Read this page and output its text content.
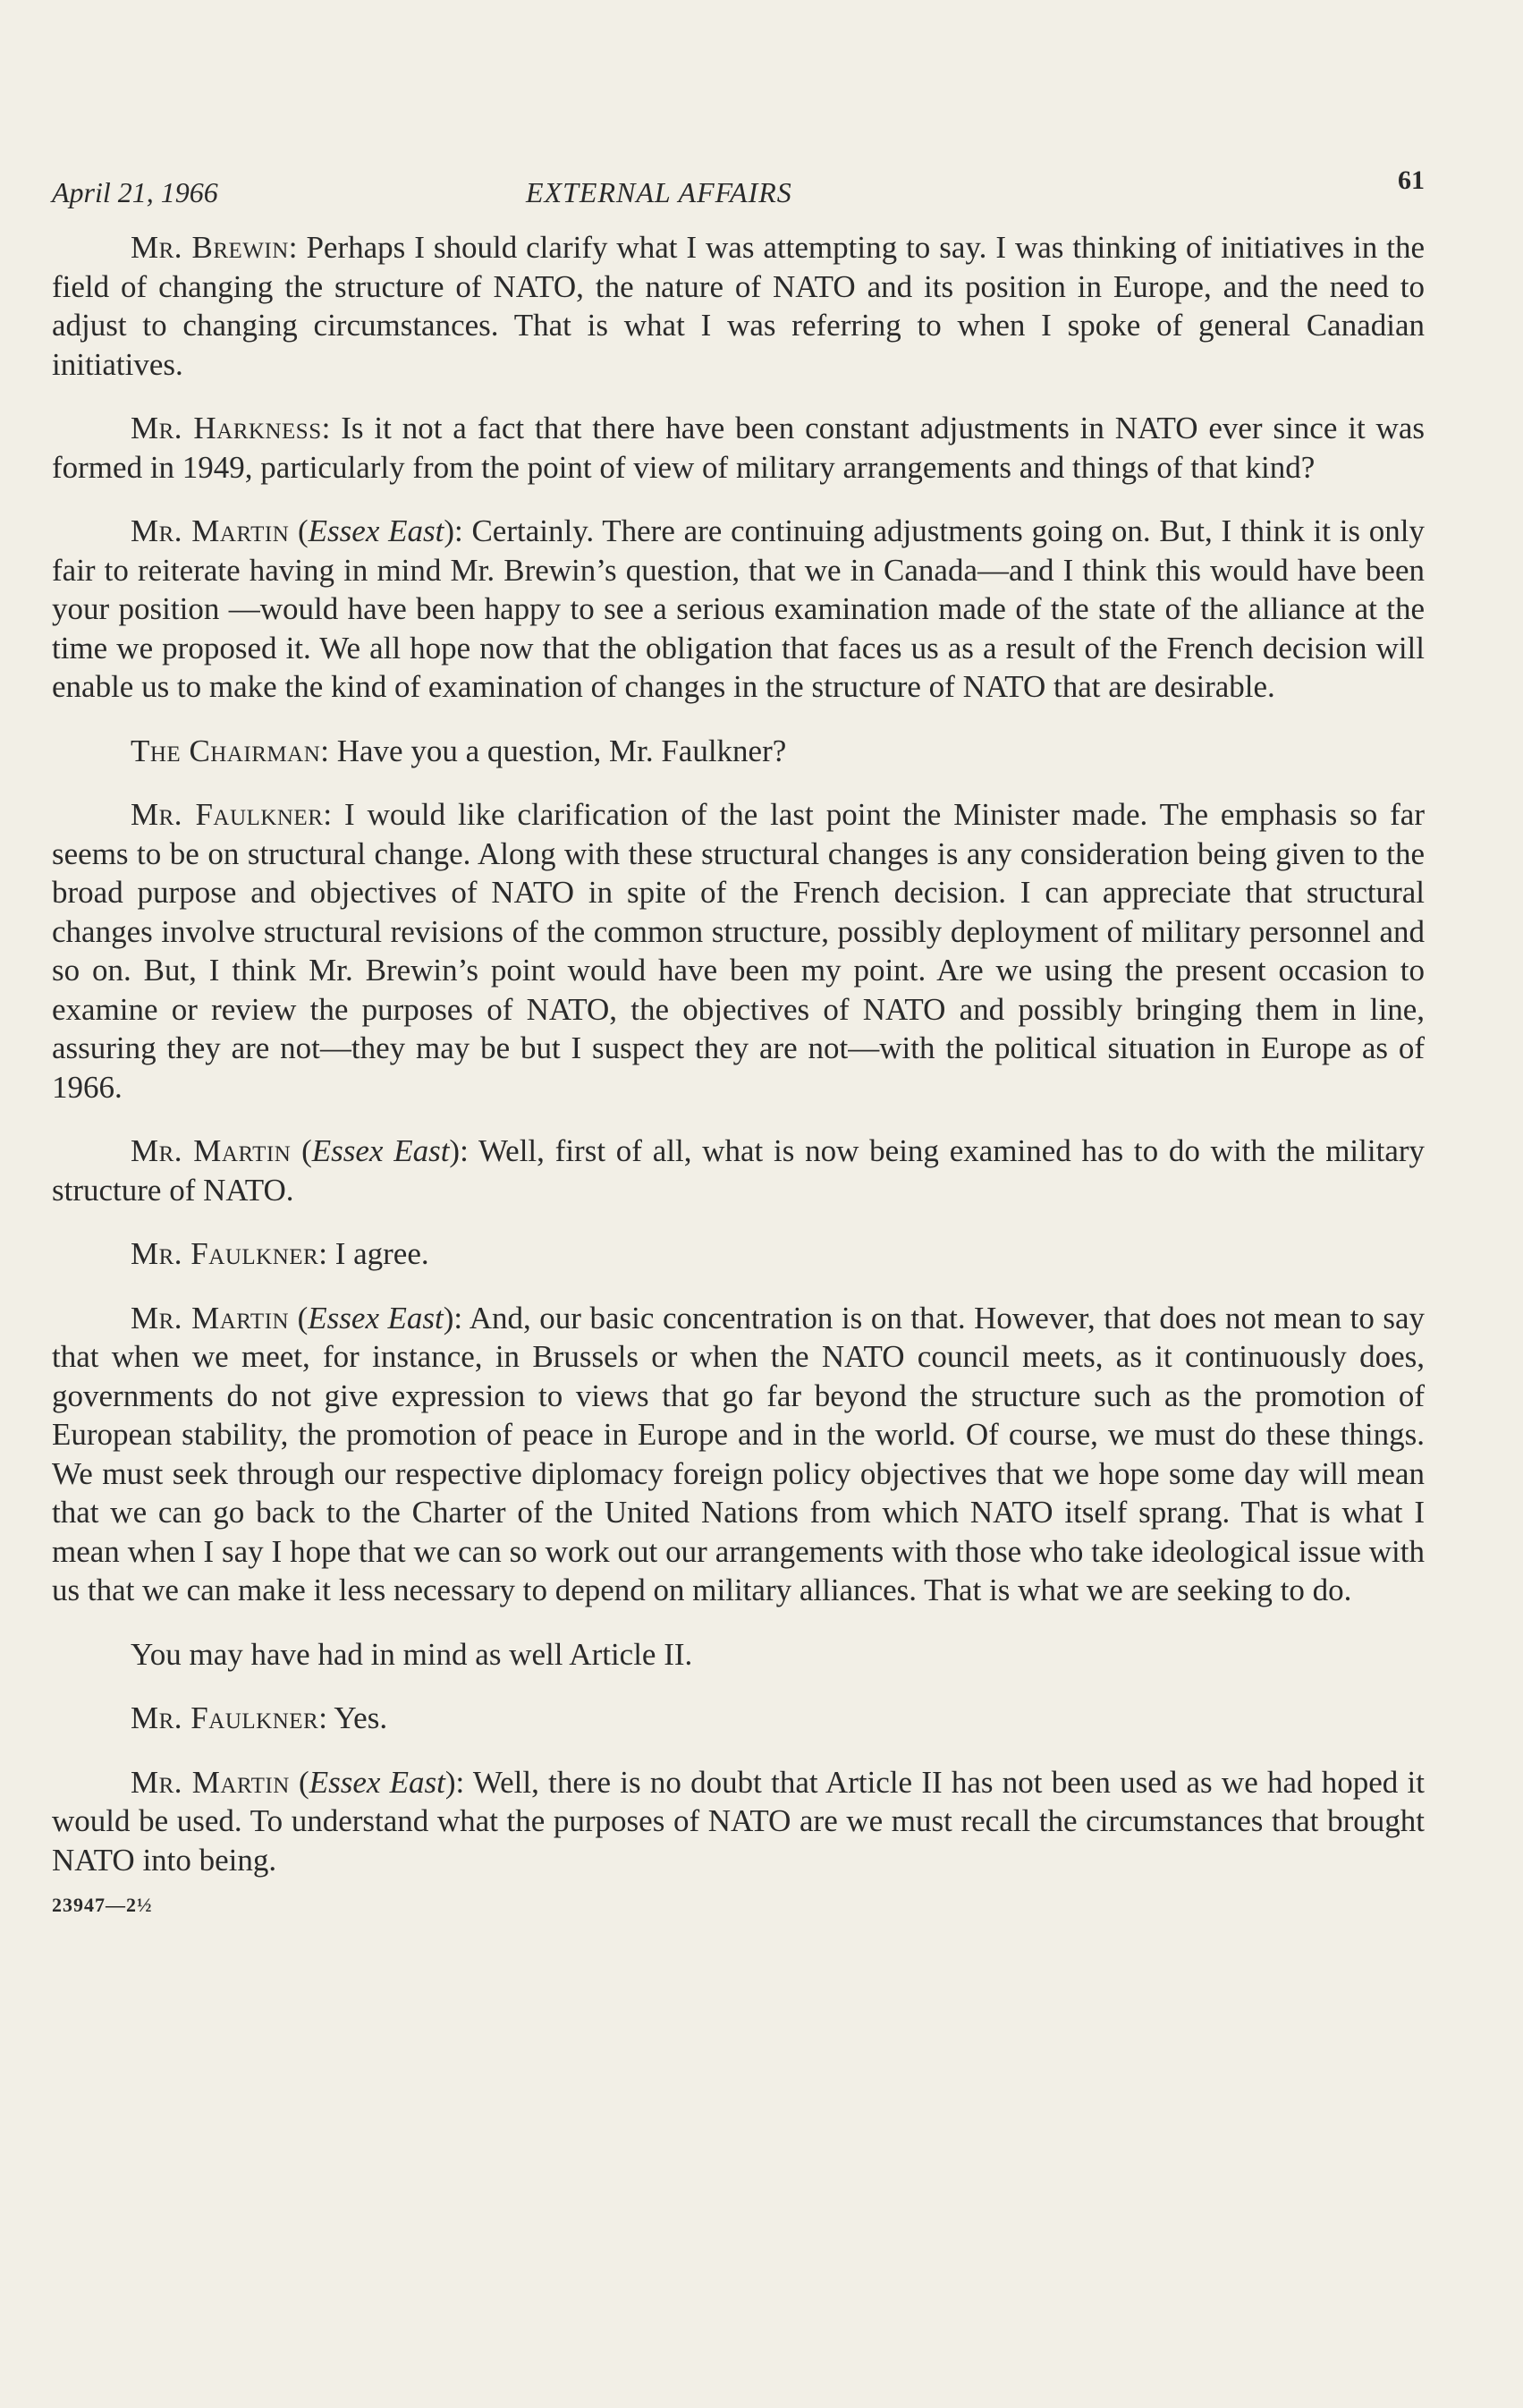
April 21, 1966	EXTERNAL AFFAIRS	61

Mr. Brewin: Perhaps I should clarify what I was attempting to say. I was thinking of initiatives in the field of changing the structure of NATO, the nature of NATO and its position in Europe, and the need to adjust to changing circumstances. That is what I was referring to when I spoke of general Canadian initiatives.

Mr. Harkness: Is it not a fact that there have been constant adjustments in NATO ever since it was formed in 1949, particularly from the point of view of military arrangements and things of that kind?

Mr. Martin (Essex East): Certainly. There are continuing adjustments going on. But, I think it is only fair to reiterate having in mind Mr. Brewin’s question, that we in Canada—and I think this would have been your position —would have been happy to see a serious examination made of the state of the alliance at the time we proposed it. We all hope now that the obligation that faces us as a result of the French decision will enable us to make the kind of examination of changes in the structure of NATO that are desirable.

The Chairman: Have you a question, Mr. Faulkner?

Mr. Faulkner: I would like clarification of the last point the Minister made. The emphasis so far seems to be on structural change. Along with these structural changes is any consideration being given to the broad purpose and objectives of NATO in spite of the French decision. I can appreciate that structural changes involve structural revisions of the common structure, possibly deployment of military personnel and so on. But, I think Mr. Brewin’s point would have been my point. Are we using the present occasion to examine or review the purposes of NATO, the objectives of NATO and possibly bringing them in line, assuring they are not—they may be but I suspect they are not—with the political situation in Europe as of 1966.

Mr. Martin (Essex East): Well, first of all, what is now being examined has to do with the military structure of NATO.

Mr. Faulkner: I agree.

Mr. Martin (Essex East): And, our basic concentration is on that. However, that does not mean to say that when we meet, for instance, in Brussels or when the NATO council meets, as it continuously does, governments do not give expression to views that go far beyond the structure such as the promotion of European stability, the promotion of peace in Europe and in the world. Of course, we must do these things. We must seek through our respective diplomacy foreign policy objectives that we hope some day will mean that we can go back to the Charter of the United Nations from which NATO itself sprang. That is what I mean when I say I hope that we can so work out our arrangements with those who take ideological issue with us that we can make it less necessary to depend on military alliances. That is what we are seeking to do.

You may have had in mind as well Article II.

Mr. Faulkner: Yes.

Mr. Martin (Essex East): Well, there is no doubt that Article II has not been used as we had hoped it would be used. To understand what the purposes of NATO are we must recall the circumstances that brought NATO into being.

23947—2½
